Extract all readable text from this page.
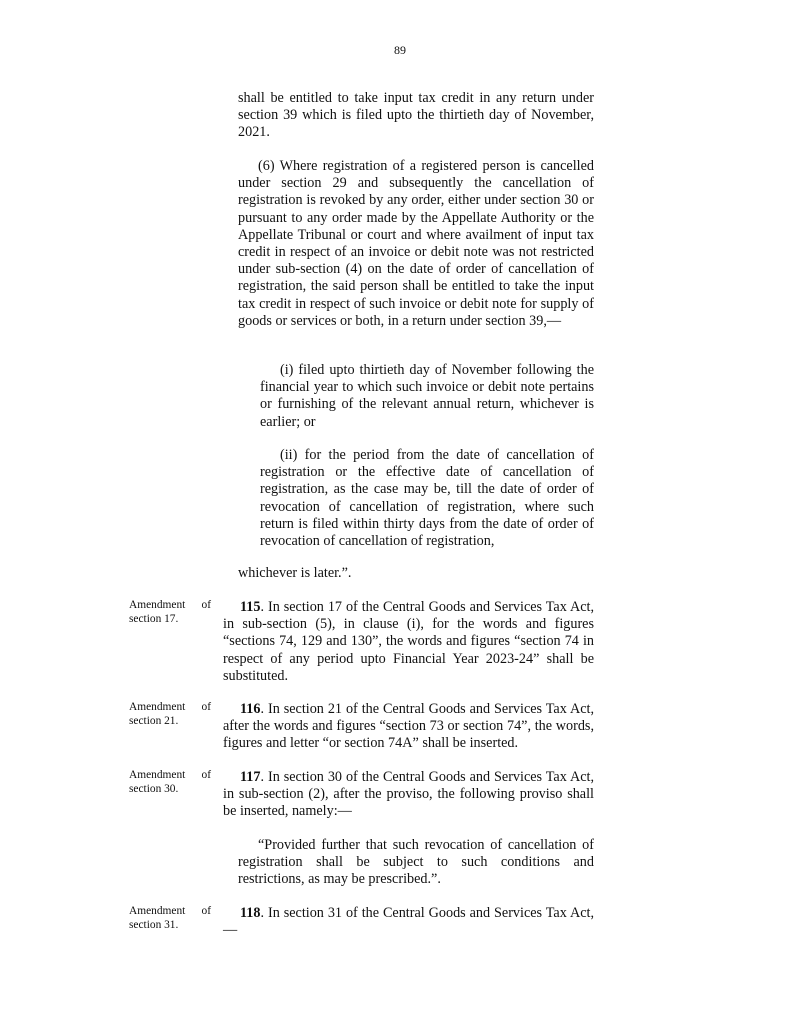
89

shall be entitled to take input tax credit in any return under section 39 which is filed upto the thirtieth day of November, 2021.

(6) Where registration of a registered person is cancelled under section 29 and subsequently the cancellation of registration is revoked by any order, either under section 30 or pursuant to any order made by the Appellate Authority or the Appellate Tribunal or court and where availment of input tax credit in respect of an invoice or debit note was not restricted under sub-section (4) on the date of order of cancellation of registration, the said person shall be entitled to take the input tax credit in respect of such invoice or debit note for supply of goods or services or both, in a return under section 39,—

(i) filed upto thirtieth day of November following the financial year to which such invoice or debit note pertains or furnishing of the relevant annual return, whichever is earlier; or

(ii) for the period from the date of cancellation of registration or the effective date of cancellation of registration, as the case may be, till the date of order of revocation of cancellation of registration, where such return is filed within thirty days from the date of order of revocation of cancellation of registration,

whichever is later.”.

Amendment of
section 17.

115. In section 17 of the Central Goods and Services Tax Act, in sub-section (5), in clause (i), for the words and figures “sections 74, 129 and 130”, the words and figures “section 74 in respect of any period upto Financial Year 2023-24” shall be substituted.

Amendment of
section 21.

116. In section 21 of the Central Goods and Services Tax Act, after the words and figures “section 73 or section 74”, the words, figures and letter “or section 74A” shall be inserted.

Amendment of
section 30.

117. In section 30 of the Central Goods and Services Tax Act, in sub-section (2), after the proviso, the following proviso shall be inserted, namely:—

“Provided further that such revocation of cancellation of registration shall be subject to such conditions and restrictions, as may be prescribed.”.

Amendment of
section 31.

118. In section 31 of the Central Goods and Services Tax Act,—
